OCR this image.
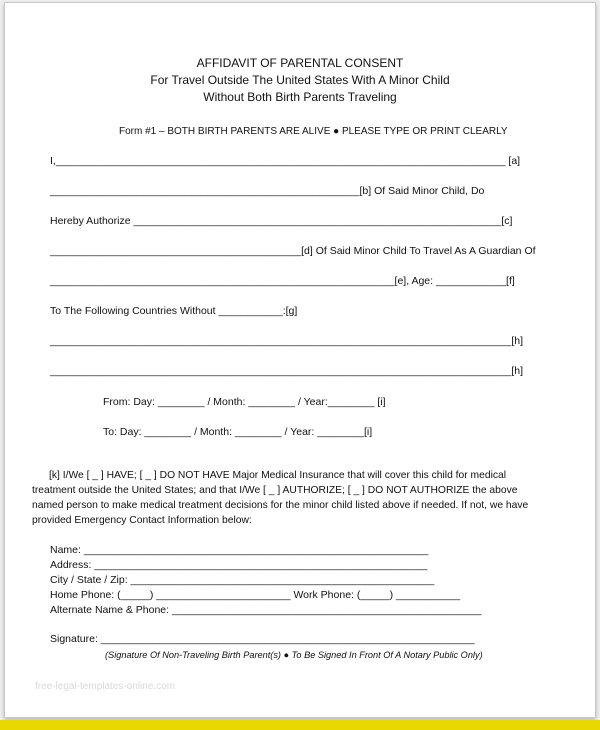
AFFIDAVIT OF PARENTAL CONSENT
For Travel Outside The United States With A Minor Child
Without Both Birth Parents Traveling
Form #1 – BOTH BIRTH PARENTS ARE ALIVE ● PLEASE TYPE OR PRINT CLEARLY
I,_____________________________________________________________________________ [a]
_____________________________________________________[b] Of Said Minor Child, Do
Hereby Authorize _______________________________________________________________[c]
___________________________________________[d] Of Said Minor Child To Travel As A Guardian Of
___________________________________________________________[e], Age: ____________[f]
To The Following Countries Without ___________:[g]
_______________________________________________________________________________[h]
_______________________________________________________________________________[h]
From: Day: ________ / Month: ________ / Year:________ [i]
To: Day: ________ / Month: ________ / Year: ________[i]
[k] I/We [ _ ] HAVE; [ _ ] DO NOT HAVE Major Medical Insurance that will cover this child for medical
treatment outside the United States; and that I/We [ _ ] AUTHORIZE; [ _ ] DO NOT AUTHORIZE the above
named person to make medical treatment decisions for the minor child listed above if needed. If not, we have
provided Emergency Contact Information below:
Name: ___________________________________________________________
Address: _________________________________________________________
City / State / Zip: ____________________________________________________
Home Phone: (_____) _______________________ Work Phone: (_____) ___________
Alternate Name & Phone: _____________________________________________________
Signature: ________________________________________________________________
(Signature Of Non-Traveling Birth Parent(s) ● To Be Signed In Front Of A Notary Public Only)
free-legal-templates-online.com
